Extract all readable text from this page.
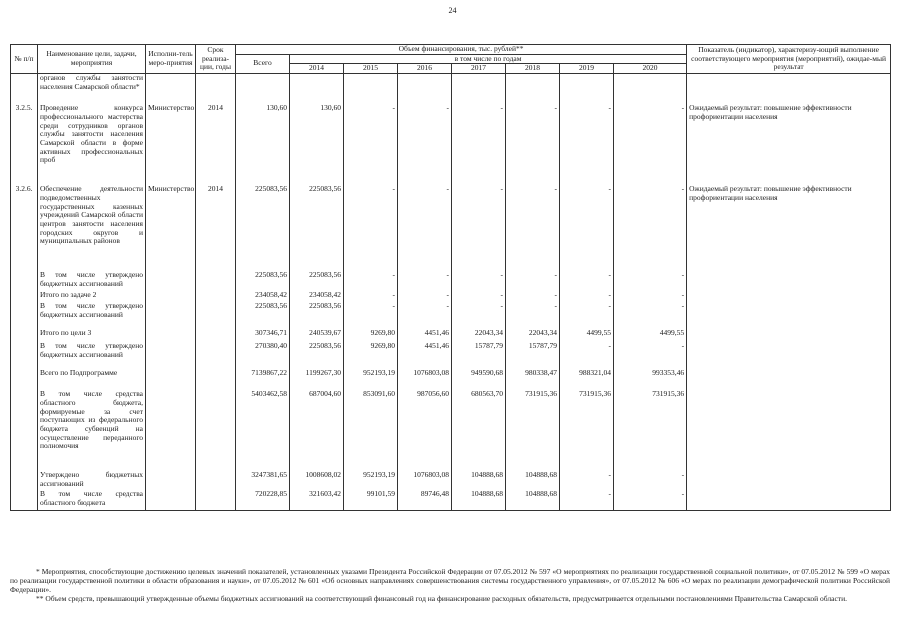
24
№ п/п	Наименование цели, задачи, мероприятия	Исполни-тель меро-приятия	Срок реализа-ции, годы	Объем финансирования, тыс. рублей**								Показатель (индикатор), характеризу-ющий выполнение соответствующего мероприятия (мероприятий), ожидае-мый результат
				Всего	в том числе по годам							
					2014	2015	2016	2017	2018	2019	2020	
	органов службы занятости населения Самарской области*											
3.2.5.	Проведение конкурса профессионального мастерства среди сотрудников органов службы занятости населения Самарской области в форме активных профессиональных проб	Министерство	2014	130,60	130,60	-	-	-	-	-	-	Ожидаемый результат: повышение эффективности профориентации населения
3.2.6.	Обеспечение деятельности подведомственных государственных казенных учреждений Самарской области центров занятости населения городских округов и муниципальных районов	Министерство	2014	225083,56	225083,56	-	-	-	-	-	-	Ожидаемый результат: повышение эффективности профориентации населения
	В том числе утверждено бюджетных ассигнований			225083,56	225083,56	-	-	-	-	-	-	
	Итого по задаче 2			234058,42	234058,42	-	-	-	-	-	-	
	В том числе утверждено бюджетных ассигнований			225083,56	225083,56	-	-	-	-	-	-	
	Итого по цели 3			307346,71	240539,67	9269,80	4451,46	22043,34	22043,34	4499,55	4499,55	
	В том числе утверждено бюджетных ассигнований			270380,40	225083,56	9269,80	4451,46	15787,79	15787,79	-	-	
	Всего по Подпрограмме			7139867,22	1199267,30	952193,19	1076803,08	949590,68	980338,47	988321,04	993353,46	
	В том числе средства областного бюджета, формируемые за счет поступающих из федерального бюджета субвенций на осуществление переданного полномочия			5403462,58	687004,60	853091,60	987056,60	680563,70	731915,36	731915,36	731915,36	
	Утверждено бюджетных ассигнований			3247381,65	1008608,02	952193,19	1076803,08	104888,68	104888,68	-	-	
	В том числе средства областного бюджета			720228,85	321603,42	99101,59	89746,48	104888,68	104888,68	-	-	

* Мероприятия, способствующие достижению целевых значений показателей, установленных указами Президента Российской Федерации от 07.05.2012 № 597 «О мероприятиях по реализации государственной социальной политики», от 07.05.2012 № 599 «О мерах по реализации государственной политики в области образования и науки», от 07.05.2012 № 601 «Об основных направлениях совершенствования системы государственного управления», от 07.05.2012 № 606 «О мерах по реализации демографической политики Российской Федерации».

** Объем средств, превышающий утвержденные объемы бюджетных ассигнований на соответствующий финансовый год на финансирование расходных обязательств, предусматривается отдельными постановлениями Правительства Самарской области.
